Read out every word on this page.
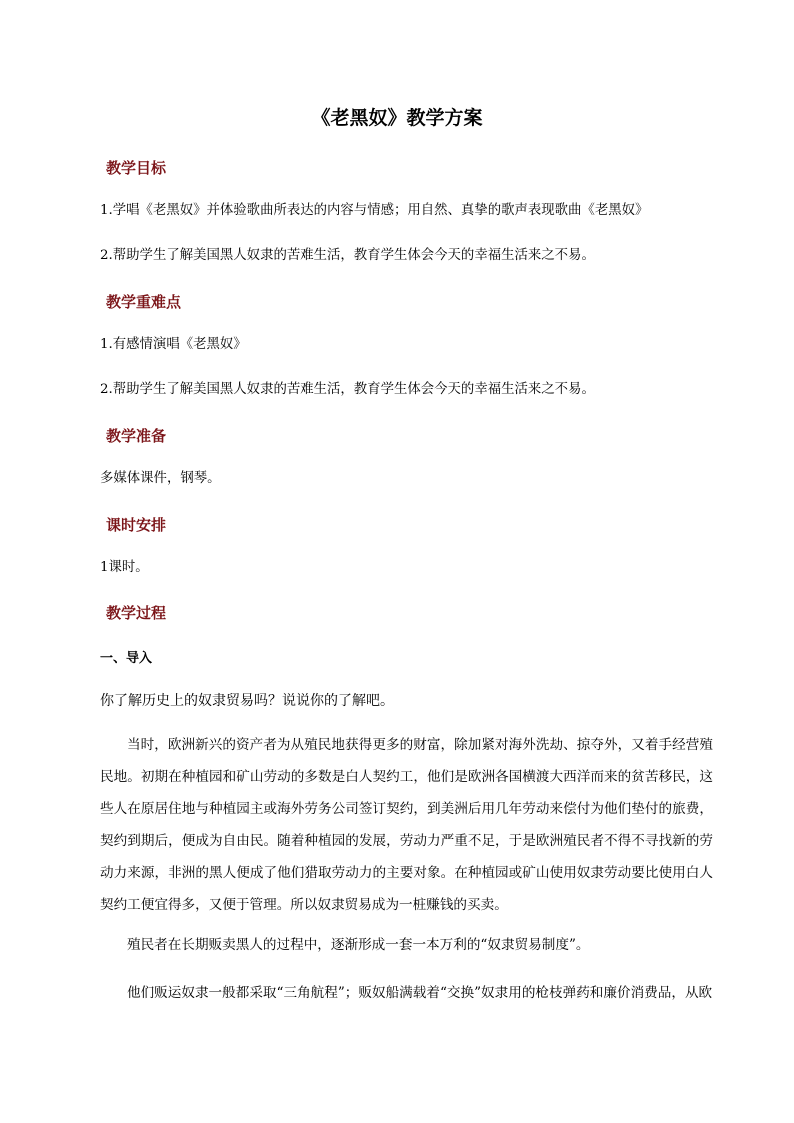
《老黑奴》教学方案
教学目标

1.学唱《老黑奴》并体验歌曲所表达的内容与情感；用自然、真挚的歌声表现歌曲《老黑奴》

2.帮助学生了解美国黑人奴隶的苦难生活，教育学生体会今天的幸福生活来之不易。

教学重难点

1.有感情演唱《老黑奴》

2.帮助学生了解美国黑人奴隶的苦难生活，教育学生体会今天的幸福生活来之不易。

教学准备

多媒体课件，钢琴。

课时安排

1课时。

教学过程
一、导入

你了解历史上的奴隶贸易吗？说说你的了解吧。

当时，欧洲新兴的资产者为从殖民地获得更多的财富，除加紧对海外洗劫、掠夺外，又着手经营殖民地。初期在种植园和矿山劳动的多数是白人契约工，他们是欧洲各国横渡大西洋而来的贫苦移民，这些人在原居住地与种植园主或海外劳务公司签订契约，到美洲后用几年劳动来偿付为他们垫付的旅费，契约到期后，便成为自由民。随着种植园的发展，劳动力严重不足，于是欧洲殖民者不得不寻找新的劳动力来源，非洲的黑人便成了他们猎取劳动力的主要对象。在种植园或矿山使用奴隶劳动要比使用白人契约工便宜得多，又便于管理。所以奴隶贸易成为一桩赚钱的买卖。

殖民者在长期贩卖黑人的过程中，逐渐形成一套一本万利的“奴隶贸易制度”。

他们贩运奴隶一般都采取“三角航程”；贩奴船满载着“交换”奴隶用的枪枝弹药和廉价消费品，从欧
